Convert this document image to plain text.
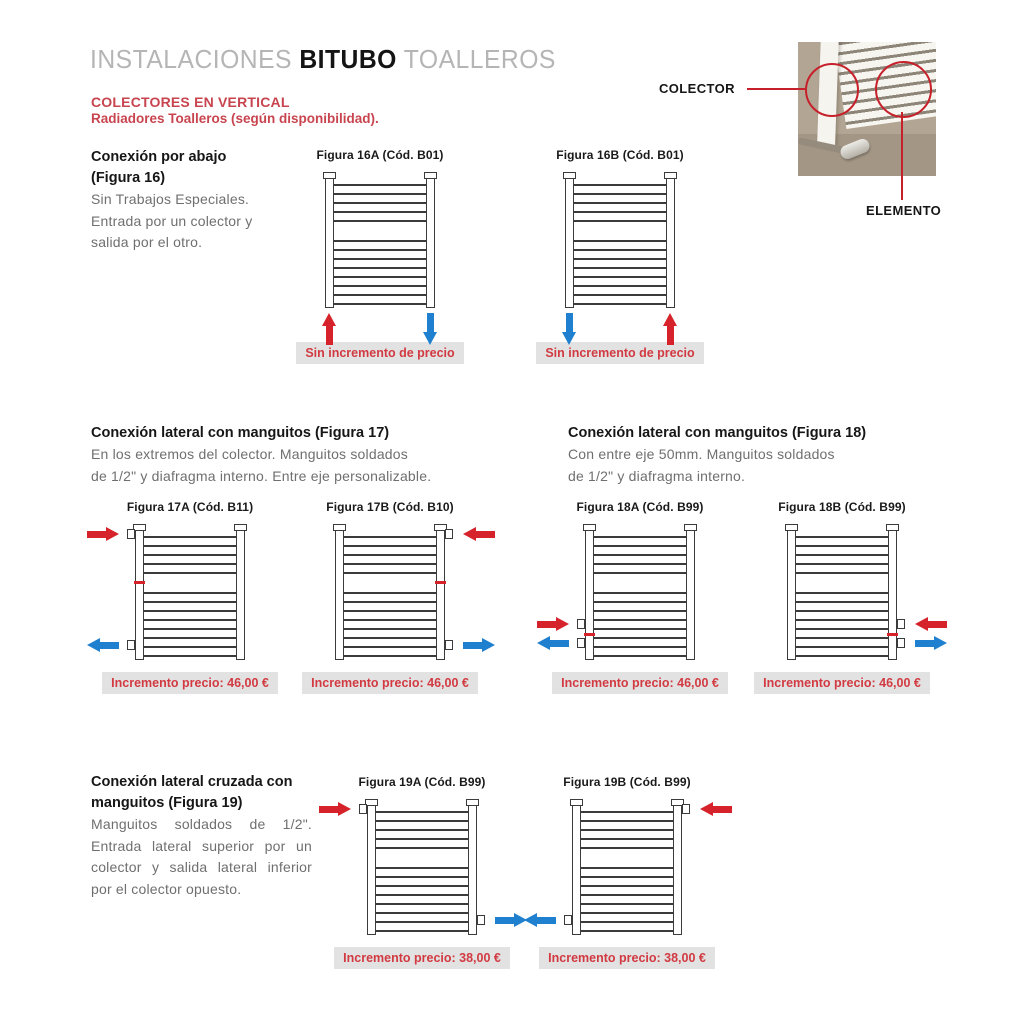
INSTALACIONES BITUBO TOALLEROS
COLECTORES EN VERTICAL
Radiadores Toalleros (según disponibilidad).
COLECTOR
ELEMENTO
Conexión por abajo
(Figura 16)
Sin Trabajos Especiales.
Entrada por un colector y
salida por el otro.
Conexión lateral con manguitos (Figura 17)
En los extremos del colector. Manguitos soldados
de 1/2" y diafragma interno. Entre eje personalizable.
Conexión lateral con manguitos (Figura 18)
Con entre eje 50mm. Manguitos soldados
de 1/2" y diafragma interno.
Conexión lateral cruzada con
manguitos (Figura 19)
Manguitos soldados de 1/2".
Entrada lateral superior por un
colector y salida lateral inferior
por el colector opuesto.
Figura 16A (Cód. B01)
Sin incremento de precio
Figura 16B (Cód. B01)
Sin incremento de precio
Figura 17A (Cód. B11)
Incremento precio: 46,00 €
Figura 17B (Cód. B10)
Incremento precio: 46,00 €
Figura 18A (Cód. B99)
Incremento precio: 46,00 €
Figura 18B (Cód. B99)
Incremento precio: 46,00 €
Figura 19A (Cód. B99)
Incremento precio: 38,00 €
Figura 19B (Cód. B99)
Incremento precio: 38,00 €
